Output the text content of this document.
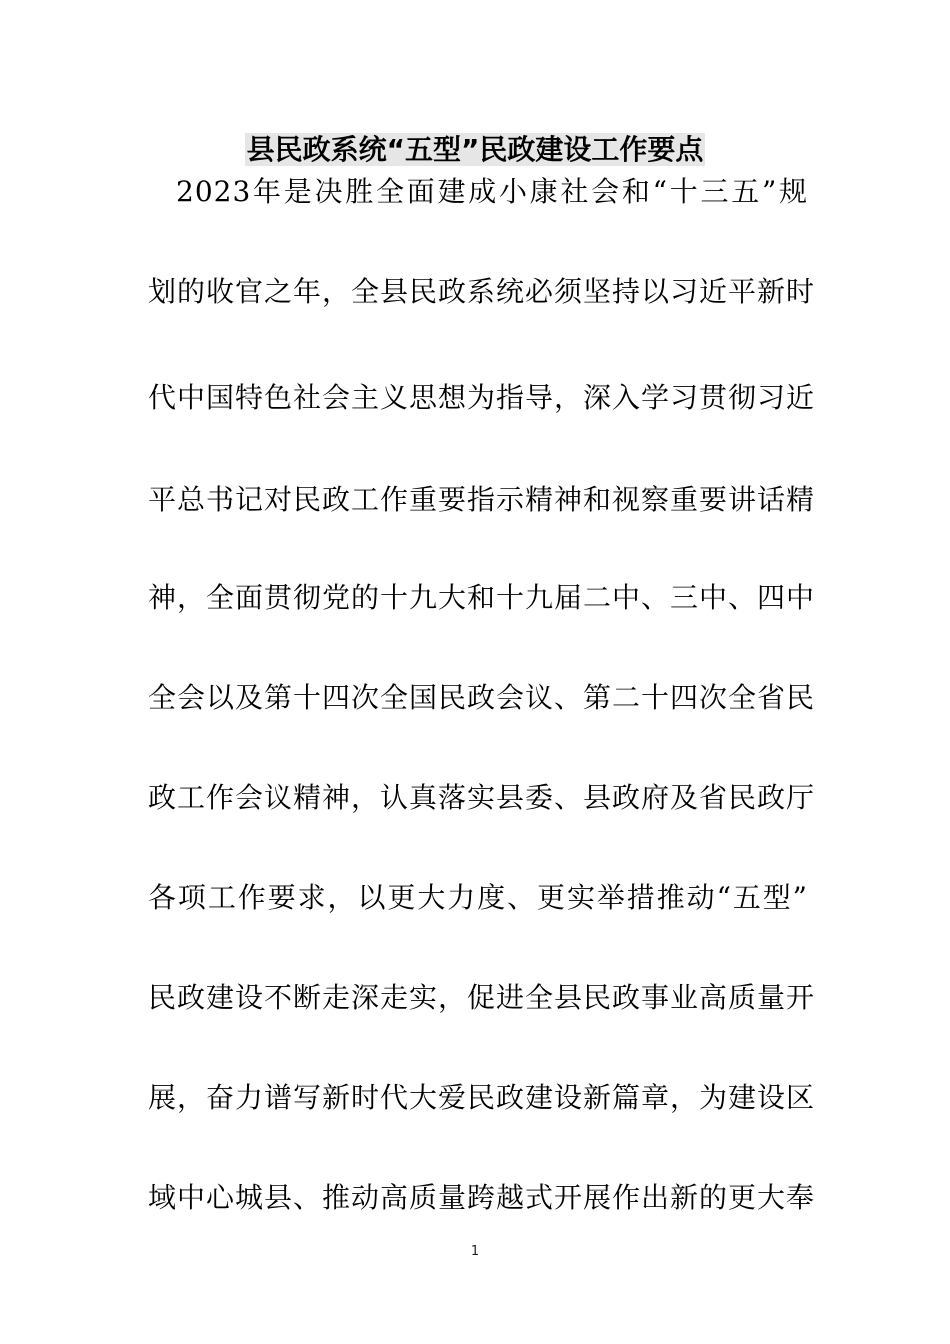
县民政系统“五型”民政建设工作要点

2023年是决胜全面建成小康社会和“十三五”规

划的收官之年，全县民政系统必须坚持以习近平新时

代中国特色社会主义思想为指导，深入学习贯彻习近

平总书记对民政工作重要指示精神和视察重要讲话精

神，全面贯彻党的十九大和十九届二中、三中、四中

全会以及第十四次全国民政会议、第二十四次全省民

政工作会议精神，认真落实县委、县政府及省民政厅

各项工作要求，以更大力度、更实举措推动“五型”

民政建设不断走深走实，促进全县民政事业高质量开

展，奋力谱写新时代大爱民政建设新篇章，为建设区

域中心城县、推动高质量跨越式开展作出新的更大奉

1
